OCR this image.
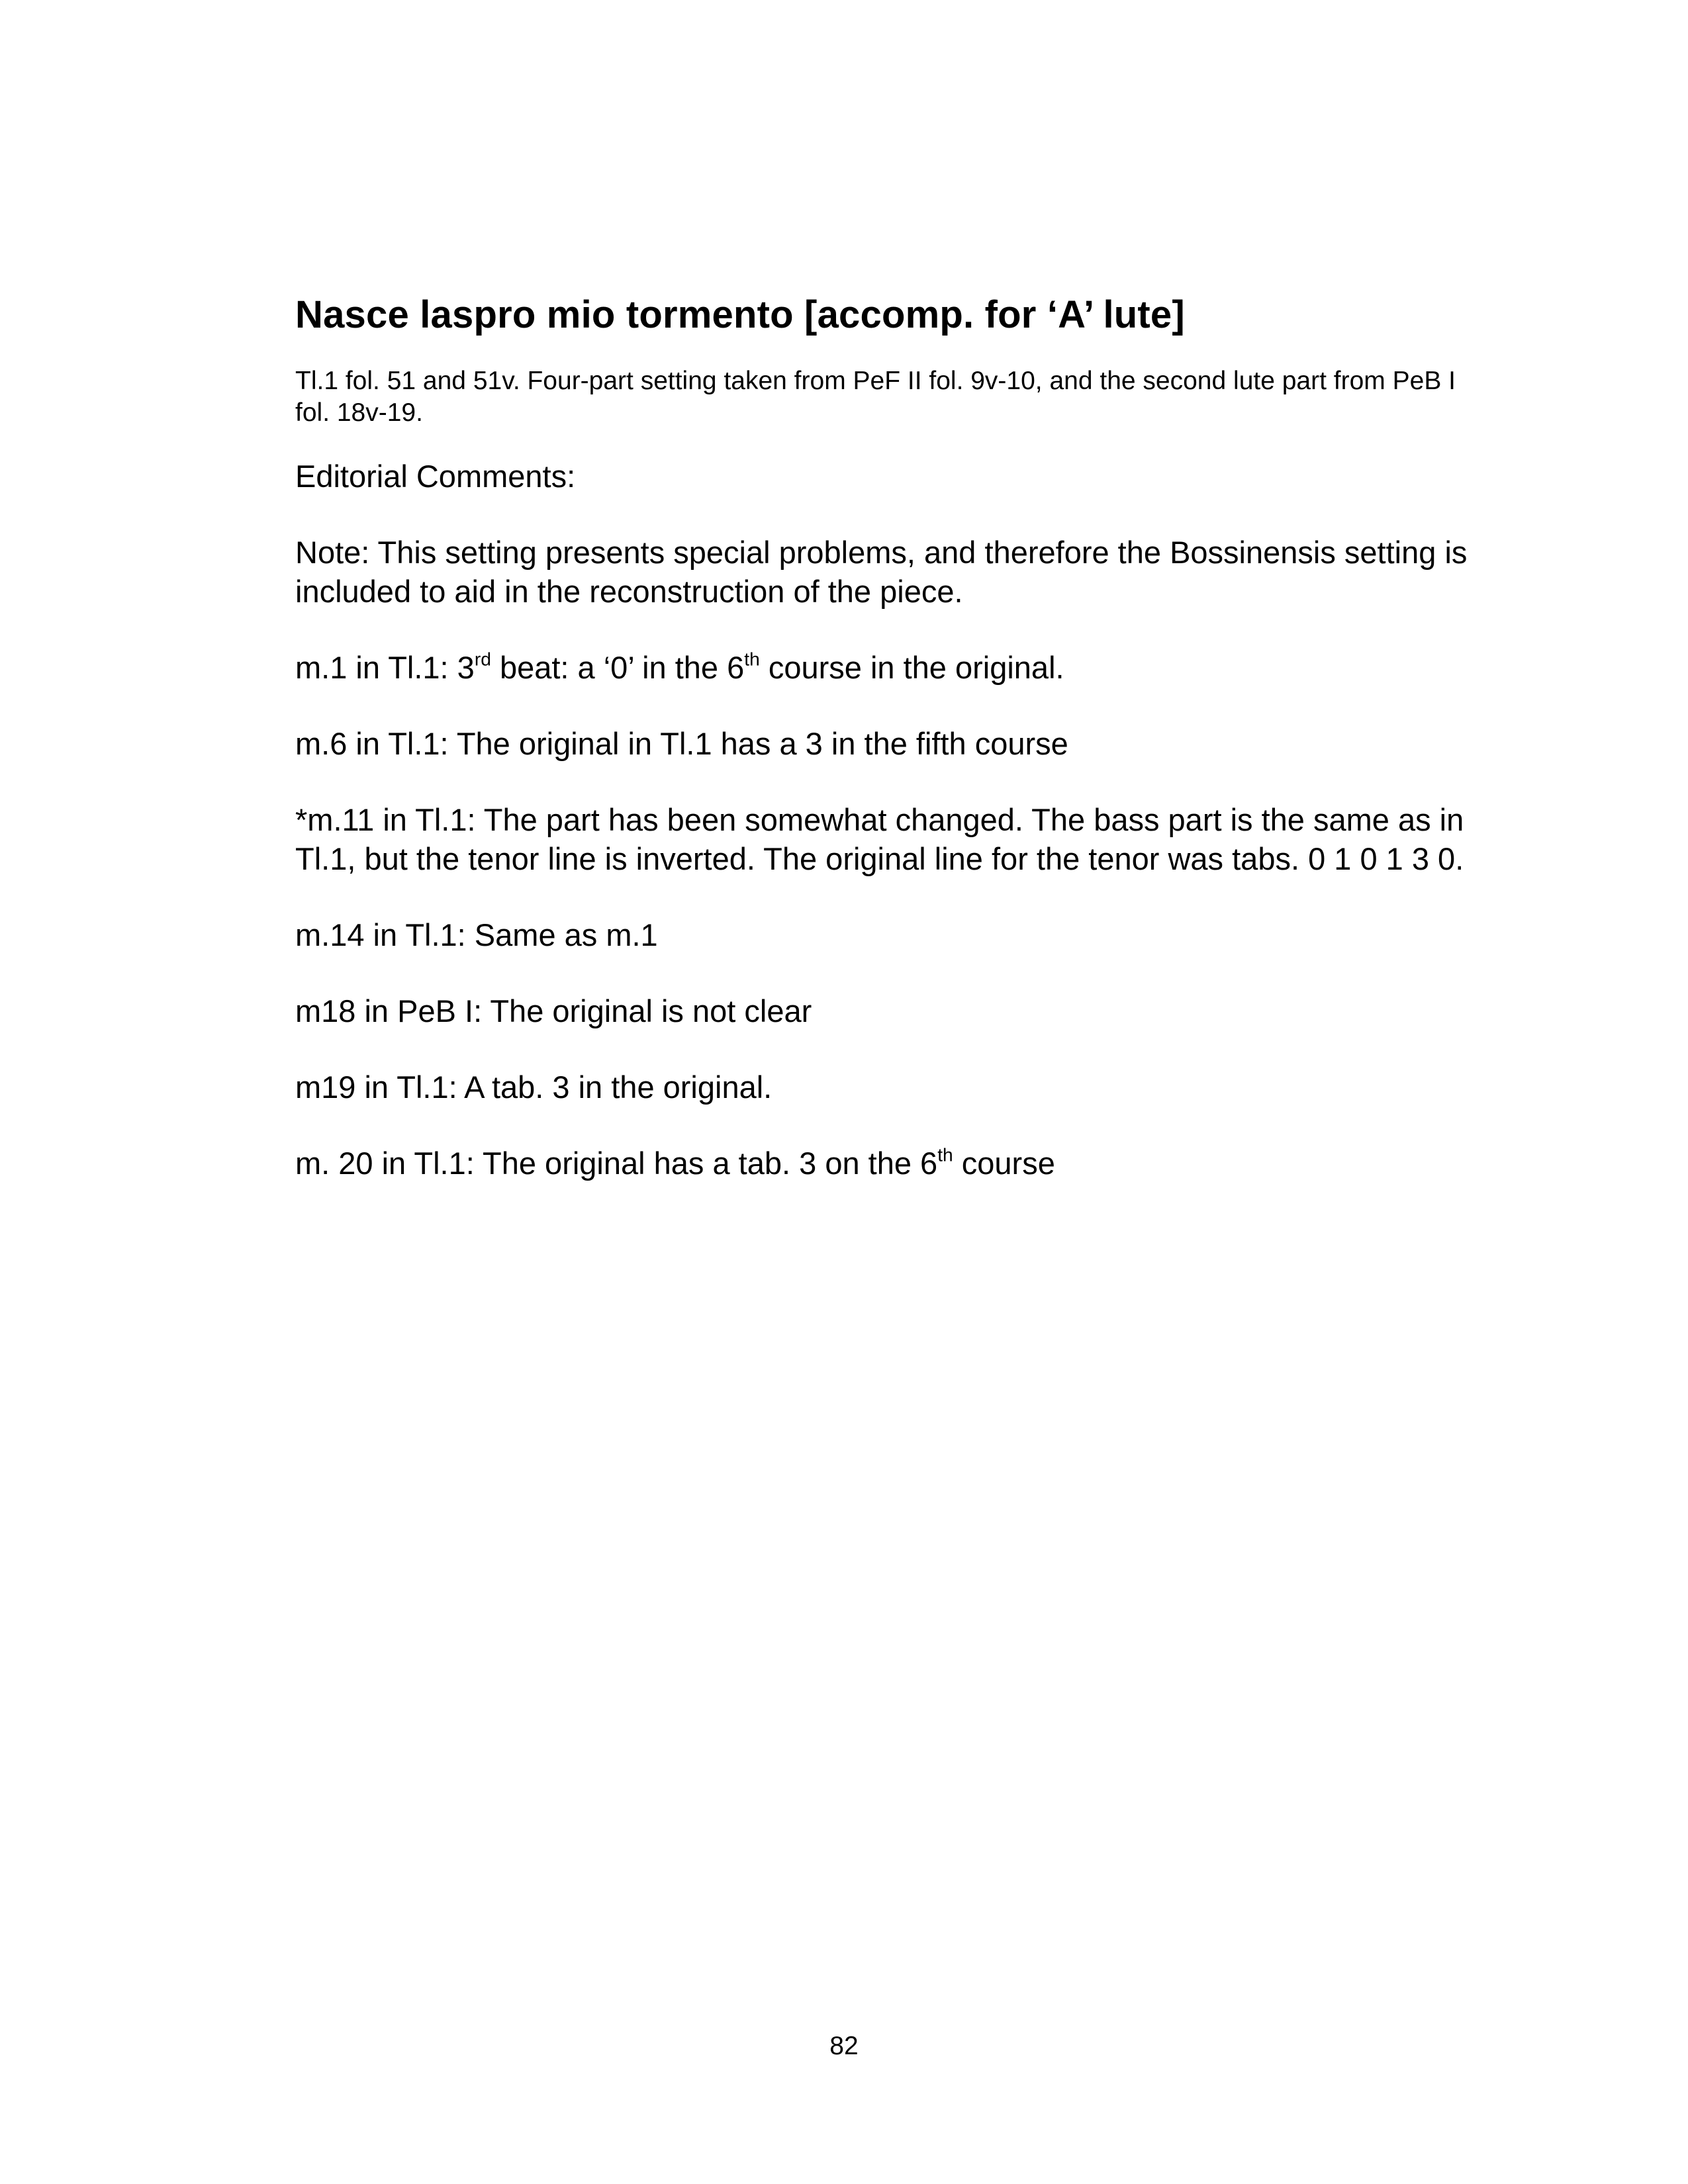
Nasce laspro mio tormento [accomp. for ‘A’ lute]

Tl.1 fol. 51 and 51v. Four-part setting taken from PeF II fol. 9v-10, and the second lute part from PeB I fol. 18v-19.

Editorial Comments:

Note: This setting presents special problems, and therefore the Bossinensis setting is included to aid in the reconstruction of the piece.

m.1 in Tl.1: 3rd beat: a ‘0’ in the 6th course in the original.

m.6 in Tl.1: The original in Tl.1 has a 3 in the fifth course

*m.11 in Tl.1: The part has been somewhat changed. The bass part is the same as in Tl.1, but the tenor line is inverted. The original line for the tenor was tabs. 0 1 0 1 3 0.

m.14 in Tl.1: Same as m.1

m18 in PeB I: The original is not clear

m19 in Tl.1: A tab. 3 in the original.

m. 20 in Tl.1: The original has a tab. 3 on the 6th course

82
